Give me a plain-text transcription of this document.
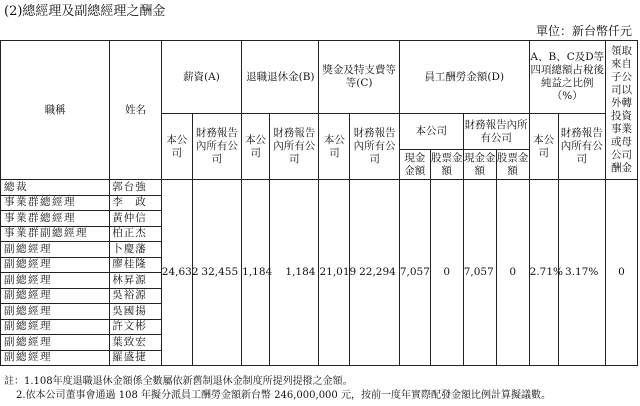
(2)總經理及副總經理之酬金
單位：新台幣仟元
職稱	姓名	薪資(A)		退職退休金(B)		獎金及特支費等等(C)		員工酬勞金額(D)				A、B、C及D等四項總額占稅後純益之比例（%）		領取來自子公司以外轉投資事業或母公司酬金
		本公司	財務報告內所有公司	本公司	財務報告內所有公司	本公司	財務報告內所有公司	本公司		財務報告內所有公司		本公司	財務報告內所有公司	
								現金金額	股票金額	現金金額	股票金額			
總裁	郭台強	24,632	32,455	1,184	1,184	21,019	22,294	7,057	0	7,057	0	2.71%	3.17%	0
事業群總經理	李　政													
事業群總經理	黃仲信													
事業群副總經理	柏正杰													
副總經理	卜慶藩													
副總經理	廖桂隆													
副總經理	林昇源													
副總經理	吳裕源													
副總經理	吳國揚													
副總經理	許文彬													
副總經理	葉致宏													
副總經理	羅盛捷													
註：1.108年度退職退休金額係全數屬依新舊制退休金制度所提列提撥之金額。
2.依本公司董事會通過 108 年擬分派員工酬勞金額新台幣 246,000,000 元，按前一度年實際配發金額比例計算擬議數。
